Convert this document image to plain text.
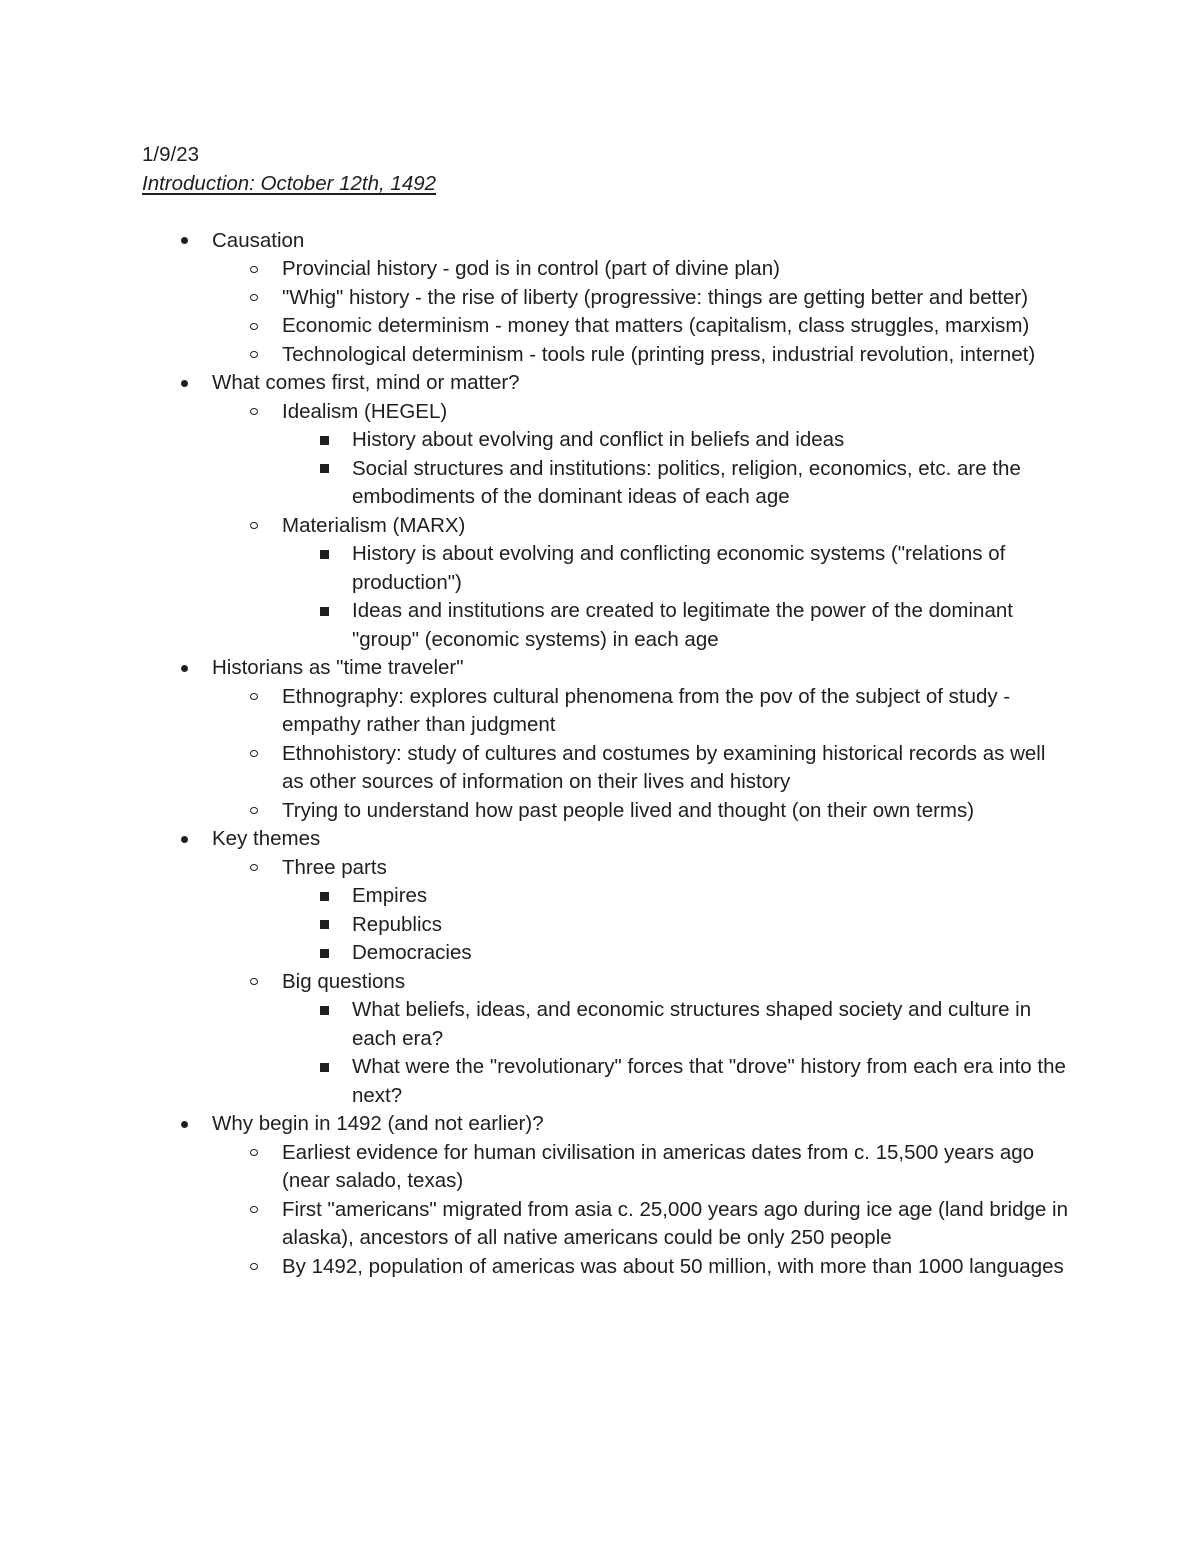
1/9/23

Introduction: October 12th, 1492

Causation
Provincial history - god is in control (part of divine plan)
"Whig" history - the rise of liberty (progressive: things are getting better and better)
Economic determinism - money that matters (capitalism, class struggles, marxism)
Technological determinism - tools rule (printing press, industrial revolution, internet)
What comes first, mind or matter?
Idealism (HEGEL)
History about evolving and conflict in beliefs and ideas
Social structures and institutions: politics, religion, economics, etc. are the embodiments of the dominant ideas of each age
Materialism (MARX)
History is about evolving and conflicting economic systems ("relations of production")
Ideas and institutions are created to legitimate the power of the dominant "group" (economic systems) in each age
Historians as "time traveler"
Ethnography: explores cultural phenomena from the pov of the subject of study - empathy rather than judgment
Ethnohistory: study of cultures and costumes by examining historical records as well as other sources of information on their lives and history
Trying to understand how past people lived and thought (on their own terms)
Key themes
Three parts
Empires
Republics
Democracies
Big questions
What beliefs, ideas, and economic structures shaped society and culture in each era?
What were the "revolutionary" forces that "drove" history from each era into the next?
Why begin in 1492 (and not earlier)?
Earliest evidence for human civilisation in americas dates from c. 15,500 years ago (near salado, texas)
First "americans" migrated from asia c. 25,000 years ago during ice age (land bridge in alaska), ancestors of all native americans could be only 250 people
By 1492, population of americas was about 50 million, with more than 1000 languages
